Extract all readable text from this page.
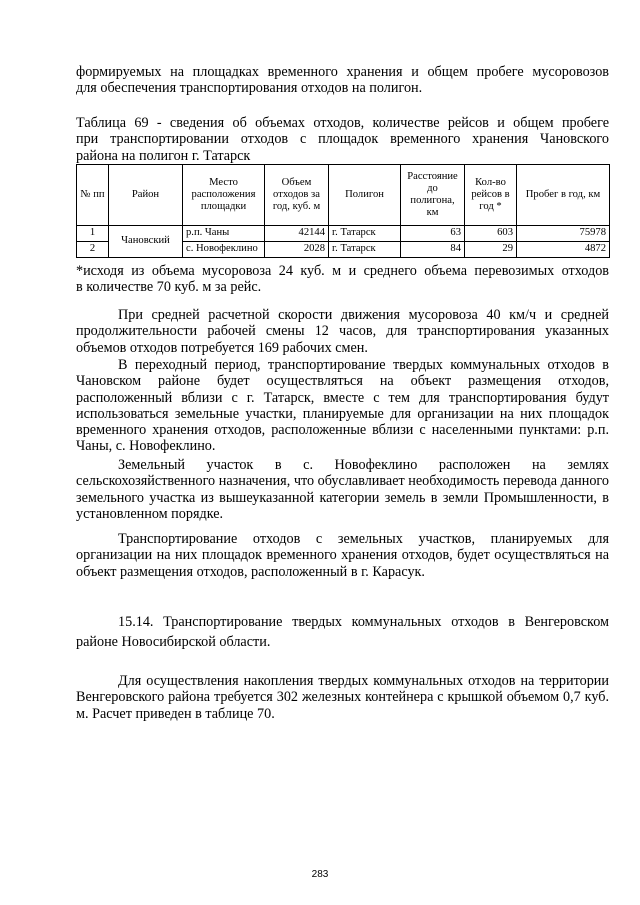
формируемых на площадках временного хранения и общем пробеге мусоровозов
для обеспечения транспортирования отходов на полигон.

Таблица 69 - сведения об объемах отходов, количестве рейсов и общем пробеге
при транспортировании отходов с площадок временного хранения Чановского
района на полигон г. Татарск

№ пп	Район	Место расположения площадки	Объем отходов за год, куб. м	Полигон	Расстояние до полигона, км	Кол-во рейсов в год *	Пробег в год, км
1	Чановский	р.п. Чаны	42144	г. Татарск	63	603	75978
2		с. Новофеклино	2028	г. Татарск	84	29	4872

*исходя из объема мусоровоза 24 куб. м и среднего объема перевозимых отходов
в количестве 70 куб. м за рейс.

При средней расчетной скорости движения мусоровоза 40 км/ч и средней продолжительности рабочей смены 12 часов, для транспортирования указанных объемов отходов потребуется 169 рабочих смен.

В переходный период, транспортирование твердых коммунальных отходов в Чановском районе будет осуществляться на объект размещения отходов, расположенный вблизи с г. Татарск, вместе с тем для транспортирования будут использоваться земельные участки, планируемые для организации на них площадок временного хранения отходов, расположенные вблизи с населенными пунктами: р.п. Чаны, с. Новофеклино.

Земельный участок в с. Новофеклино расположен на землях сельскохозяйственного назначения, что обуславливает необходимость перевода данного земельного участка из вышеуказанной категории земель в земли Промышленности, в установленном порядке.

Транспортирование отходов с земельных участков, планируемых для организации на них площадок временного хранения отходов, будет осуществляться на объект размещения отходов, расположенный в г. Карасук.

15.14. Транспортирование твердых коммунальных отходов в Венгеровском
районе Новосибирской области.

Для осуществления накопления твердых коммунальных отходов на территории Венгеровского района требуется 302 железных контейнера с крышкой объемом 0,7 куб. м. Расчет приведен в таблице 70.

283
